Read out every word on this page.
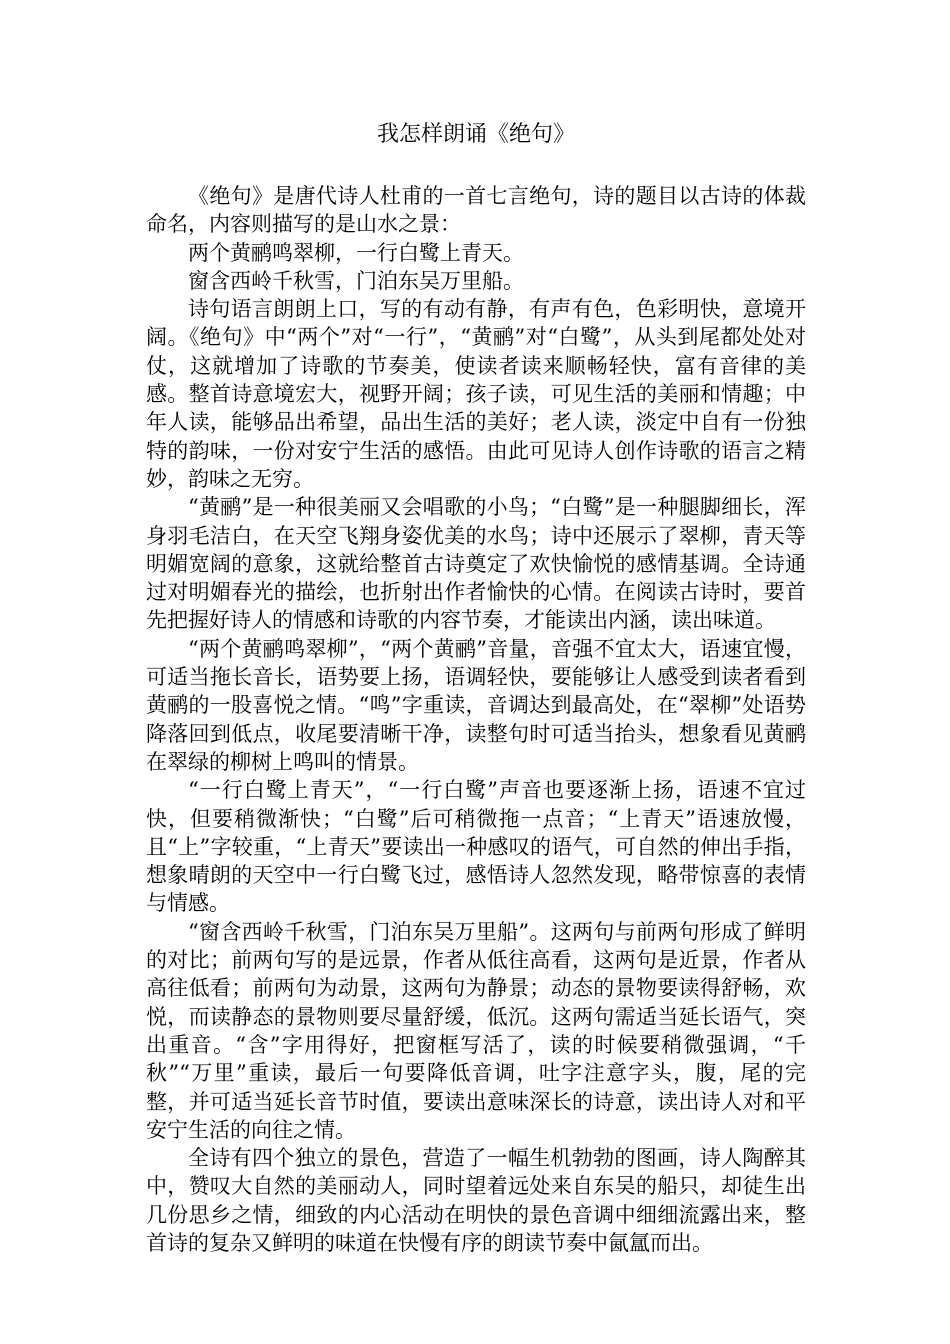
我怎样朗诵《绝句》

《绝句》是唐代诗人杜甫的一首七言绝句，诗的题目以古诗的体裁命名，内容则描写的是山水之景：

两个黄鹂鸣翠柳，一行白鹭上青天。

窗含西岭千秋雪，门泊东吴万里船。

诗句语言朗朗上口，写的有动有静，有声有色，色彩明快，意境开阔。《绝句》中“两个”对“一行”，“黄鹂”对“白鹭”，从头到尾都处处对仗，这就增加了诗歌的节奏美，使读者读来顺畅轻快，富有音律的美感。整首诗意境宏大，视野开阔；孩子读，可见生活的美丽和情趣；中年人读，能够品出希望，品出生活的美好；老人读，淡定中自有一份独特的韵味，一份对安宁生活的感悟。由此可见诗人创作诗歌的语言之精妙，韵味之无穷。

“黄鹂”是一种很美丽又会唱歌的小鸟；“白鹭”是一种腿脚细长，浑身羽毛洁白，在天空飞翔身姿优美的水鸟；诗中还展示了翠柳，青天等明媚宽阔的意象，这就给整首古诗奠定了欢快愉悦的感情基调。全诗通过对明媚春光的描绘，也折射出作者愉快的心情。在阅读古诗时，要首先把握好诗人的情感和诗歌的内容节奏，才能读出内涵，读出味道。

“两个黄鹂鸣翠柳”，“两个黄鹂”音量，音强不宜太大，语速宜慢，可适当拖长音长，语势要上扬，语调轻快，要能够让人感受到读者看到黄鹂的一股喜悦之情。“鸣”字重读，音调达到最高处，在“翠柳”处语势降落回到低点，收尾要清晰干净，读整句时可适当抬头，想象看见黄鹂在翠绿的柳树上鸣叫的情景。

“一行白鹭上青天”，“一行白鹭”声音也要逐渐上扬，语速不宜过快，但要稍微渐快；“白鹭”后可稍微拖一点音；“上青天”语速放慢，且“上”字较重，“上青天”要读出一种感叹的语气，可自然的伸出手指，想象晴朗的天空中一行白鹭飞过，感悟诗人忽然发现，略带惊喜的表情与情感。

“窗含西岭千秋雪，门泊东吴万里船”。这两句与前两句形成了鲜明的对比；前两句写的是远景，作者从低往高看，这两句是近景，作者从高往低看；前两句为动景，这两句为静景；动态的景物要读得舒畅，欢悦，而读静态的景物则要尽量舒缓，低沉。这两句需适当延长语气，突出重音。“含”字用得好，把窗框写活了，读的时候要稍微强调，“千秋”“万里”重读，最后一句要降低音调，吐字注意字头，腹，尾的完整，并可适当延长音节时值，要读出意味深长的诗意，读出诗人对和平安宁生活的向往之情。

全诗有四个独立的景色，营造了一幅生机勃勃的图画，诗人陶醉其中，赞叹大自然的美丽动人，同时望着远处来自东吴的船只，却徒生出几份思乡之情，细致的内心活动在明快的景色音调中细细流露出来，整首诗的复杂又鲜明的味道在快慢有序的朗读节奏中氤氲而出。
